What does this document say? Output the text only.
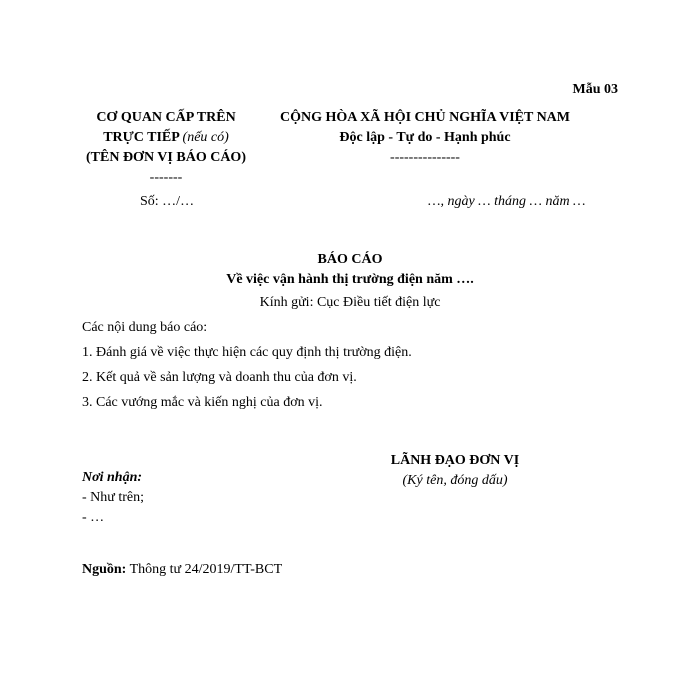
Mẫu 03
CƠ QUAN CẤP TRÊN
TRỰC TIẾP (nếu có)
(TÊN ĐƠN VỊ BÁO CÁO)
-------
CỘNG HÒA XÃ HỘI CHỦ NGHĨA VIỆT NAM
Độc lập - Tự do - Hạnh phúc
---------------
Số: …/…	…, ngày … tháng … năm …
BÁO CÁO
Về việc vận hành thị trường điện năm ….
Kính gửi: Cục Điều tiết điện lực
Các nội dung báo cáo:
1. Đánh giá về việc thực hiện các quy định thị trường điện.
2. Kết quả về sản lượng và doanh thu của đơn vị.
3. Các vướng mắc và kiến nghị của đơn vị.
LÃNH ĐẠO ĐƠN VỊ
(Ký tên, đóng dấu)
Nơi nhận:
- Như trên;
- …
Nguồn: Thông tư 24/2019/TT-BCT
